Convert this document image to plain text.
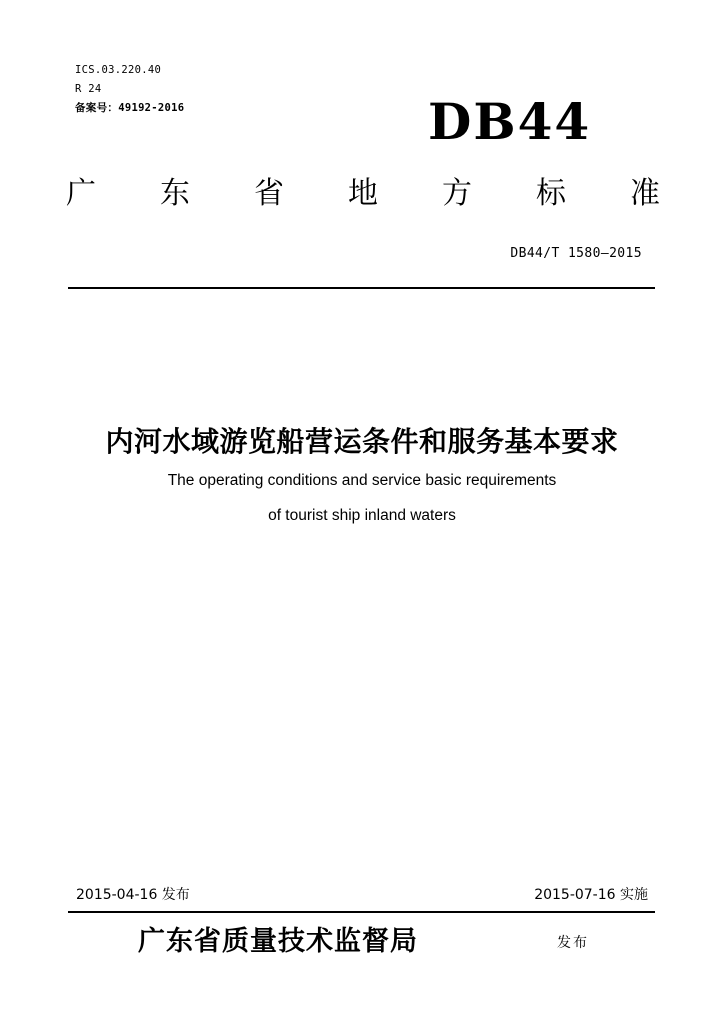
ICS.03.220.40
R 24
备案号：49192-2016	DB44
广 东 省 地 方 标 准
DB44/T 1580—2015
内河水域游览船营运条件和服务基本要求
The operating conditions and service basic requirements
of tourist ship inland waters
2015-04-16 发布	2015-07-16 实施
广东省质量技术监督局	发布
